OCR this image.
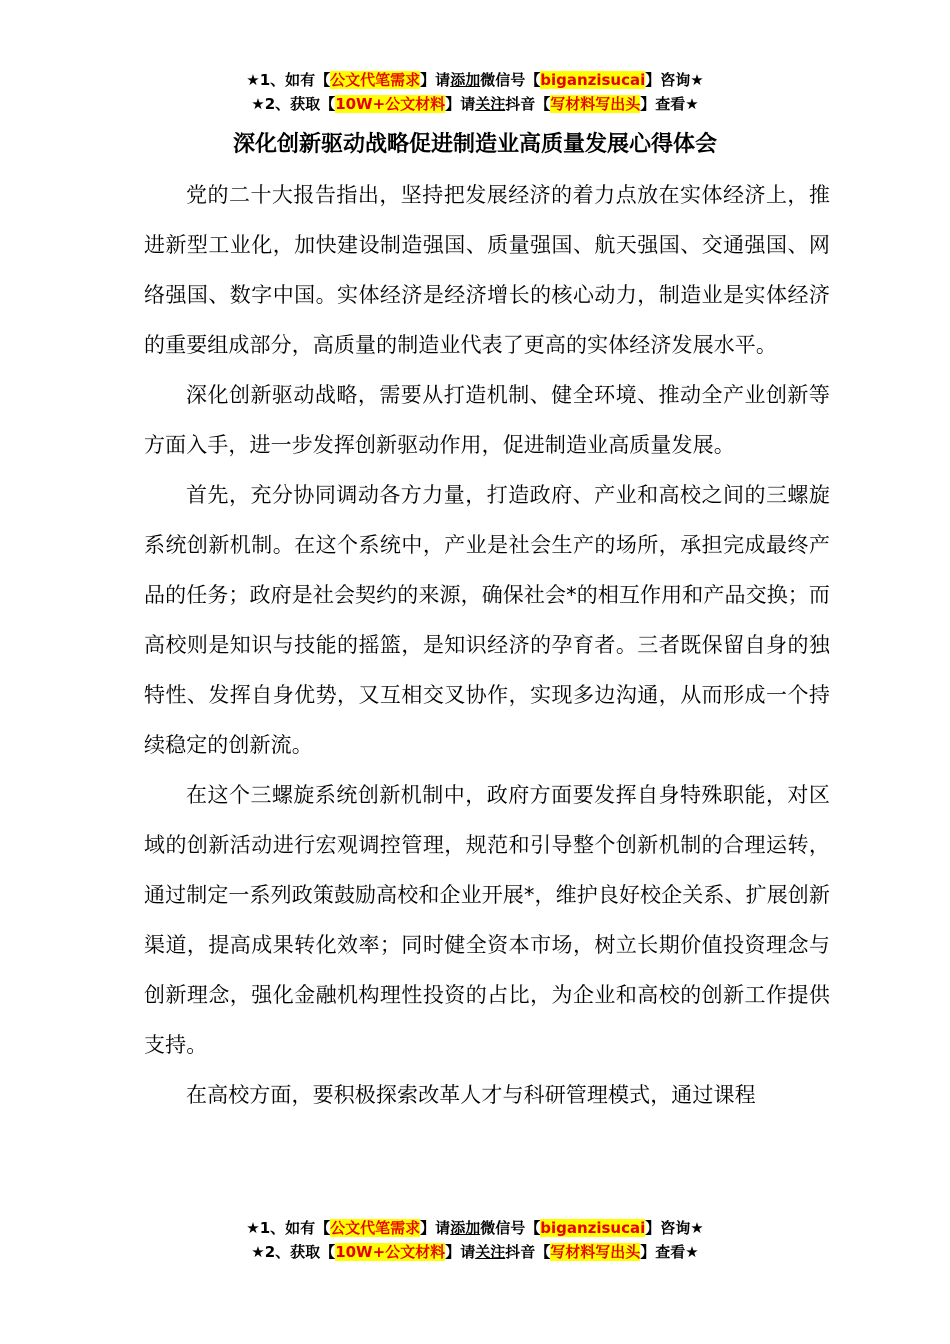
★1、如有【公文代笔需求】请添加微信号【biganzisucai】咨询★
★2、获取【10W+公文材料】请关注抖音【写材料写出头】查看★
深化创新驱动战略促进制造业高质量发展心得体会

党的二十大报告指出，坚持把发展经济的着力点放在实体经济上，推进新型工业化，加快建设制造强国、质量强国、航天强国、交通强国、网络强国、数字中国。实体经济是经济增长的核心动力，制造业是实体经济的重要组成部分，高质量的制造业代表了更高的实体经济发展水平。

深化创新驱动战略，需要从打造机制、健全环境、推动全产业创新等方面入手，进一步发挥创新驱动作用，促进制造业高质量发展。

首先，充分协同调动各方力量，打造政府、产业和高校之间的三螺旋系统创新机制。在这个系统中，产业是社会生产的场所，承担完成最终产品的任务；政府是社会契约的来源，确保社会*的相互作用和产品交换；而高校则是知识与技能的摇篮，是知识经济的孕育者。三者既保留自身的独特性、发挥自身优势，又互相交叉协作，实现多边沟通，从而形成一个持续稳定的创新流。

在这个三螺旋系统创新机制中，政府方面要发挥自身特殊职能，对区域的创新活动进行宏观调控管理，规范和引导整个创新机制的合理运转，通过制定一系列政策鼓励高校和企业开展*，维护良好校企关系、扩展创新渠道，提高成果转化效率；同时健全资本市场，树立长期价值投资理念与创新理念，强化金融机构理性投资的占比，为企业和高校的创新工作提供支持。

在高校方面，要积极探索改革人才与科研管理模式，通过课程

★1、如有【公文代笔需求】请添加微信号【biganzisucai】咨询★
★2、获取【10W+公文材料】请关注抖音【写材料写出头】查看★
